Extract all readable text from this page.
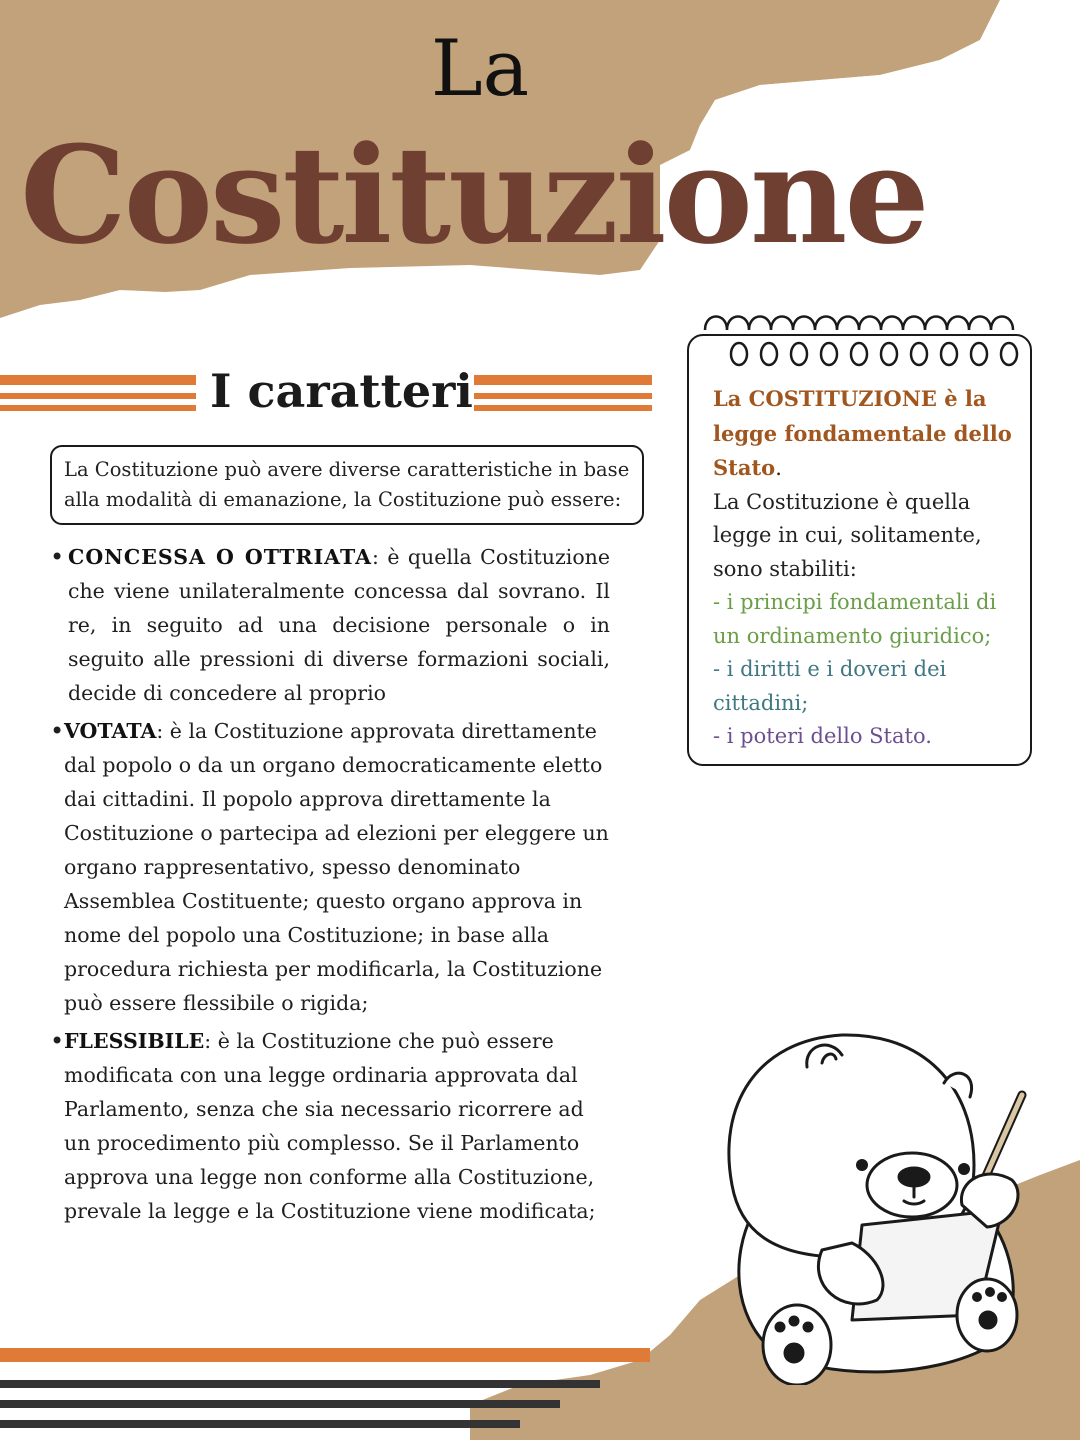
La
Costituzione
I caratteri

La Costituzione può avere diverse caratteristiche in base alla modalità di emanazione, la Costituzione può essere:

• CONCESSA O OTTRIATA: è quella Costituzione che viene unilateralmente concessa dal sovrano. Il re, in seguito ad una decisione personale o in seguito alle pressioni di diverse formazioni sociali, decide di concedere al proprio

• VOTATA: è la Costituzione approvata direttamente dal popolo o da un organo democraticamente eletto dai cittadini. Il popolo approva direttamente la Costituzione o partecipa ad elezioni per eleggere un organo rappresentativo, spesso denominato Assemblea Costituente; questo organo approva in nome del popolo una Costituzione; in base alla procedura richiesta per modificarla, la Costituzione può essere flessibile o rigida;

• FLESSIBILE: è la Costituzione che può essere modificata con una legge ordinaria approvata dal Parlamento, senza che sia necessario ricorrere ad un procedimento più complesso. Se il Parlamento approva una legge non conforme alla Costituzione, prevale la legge e la Costituzione viene modificata;

La COSTITUZIONE è la legge fondamentale dello Stato.

La Costituzione è quella legge in cui, solitamente, sono stabiliti:

- i principi fondamentali di un ordinamento giuridico;

- i diritti e i doveri dei cittadini;

- i poteri dello Stato.
